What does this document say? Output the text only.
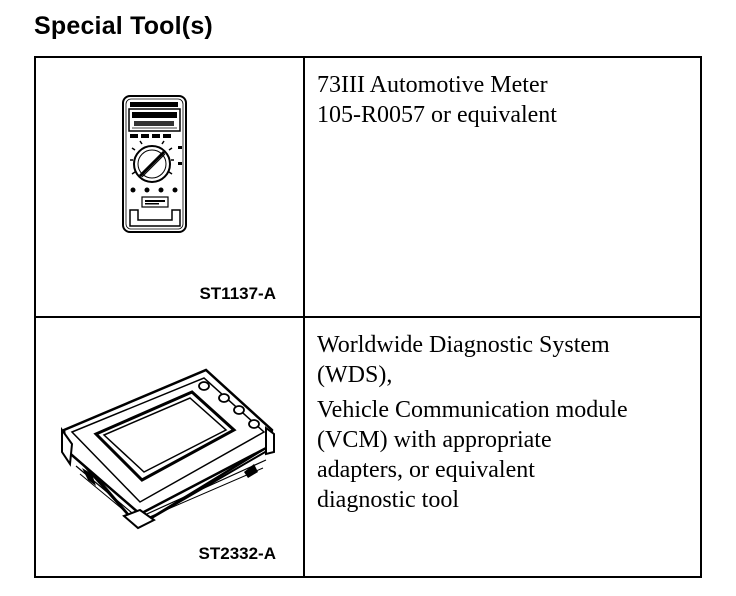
Special Tool(s)
ST1137-A

73III Automotive Meter

105-R0057 or equivalent

ST2332-A

Worldwide Diagnostic System

(WDS),

Vehicle Communication module

(VCM) with appropriate

adapters, or equivalent

diagnostic tool
